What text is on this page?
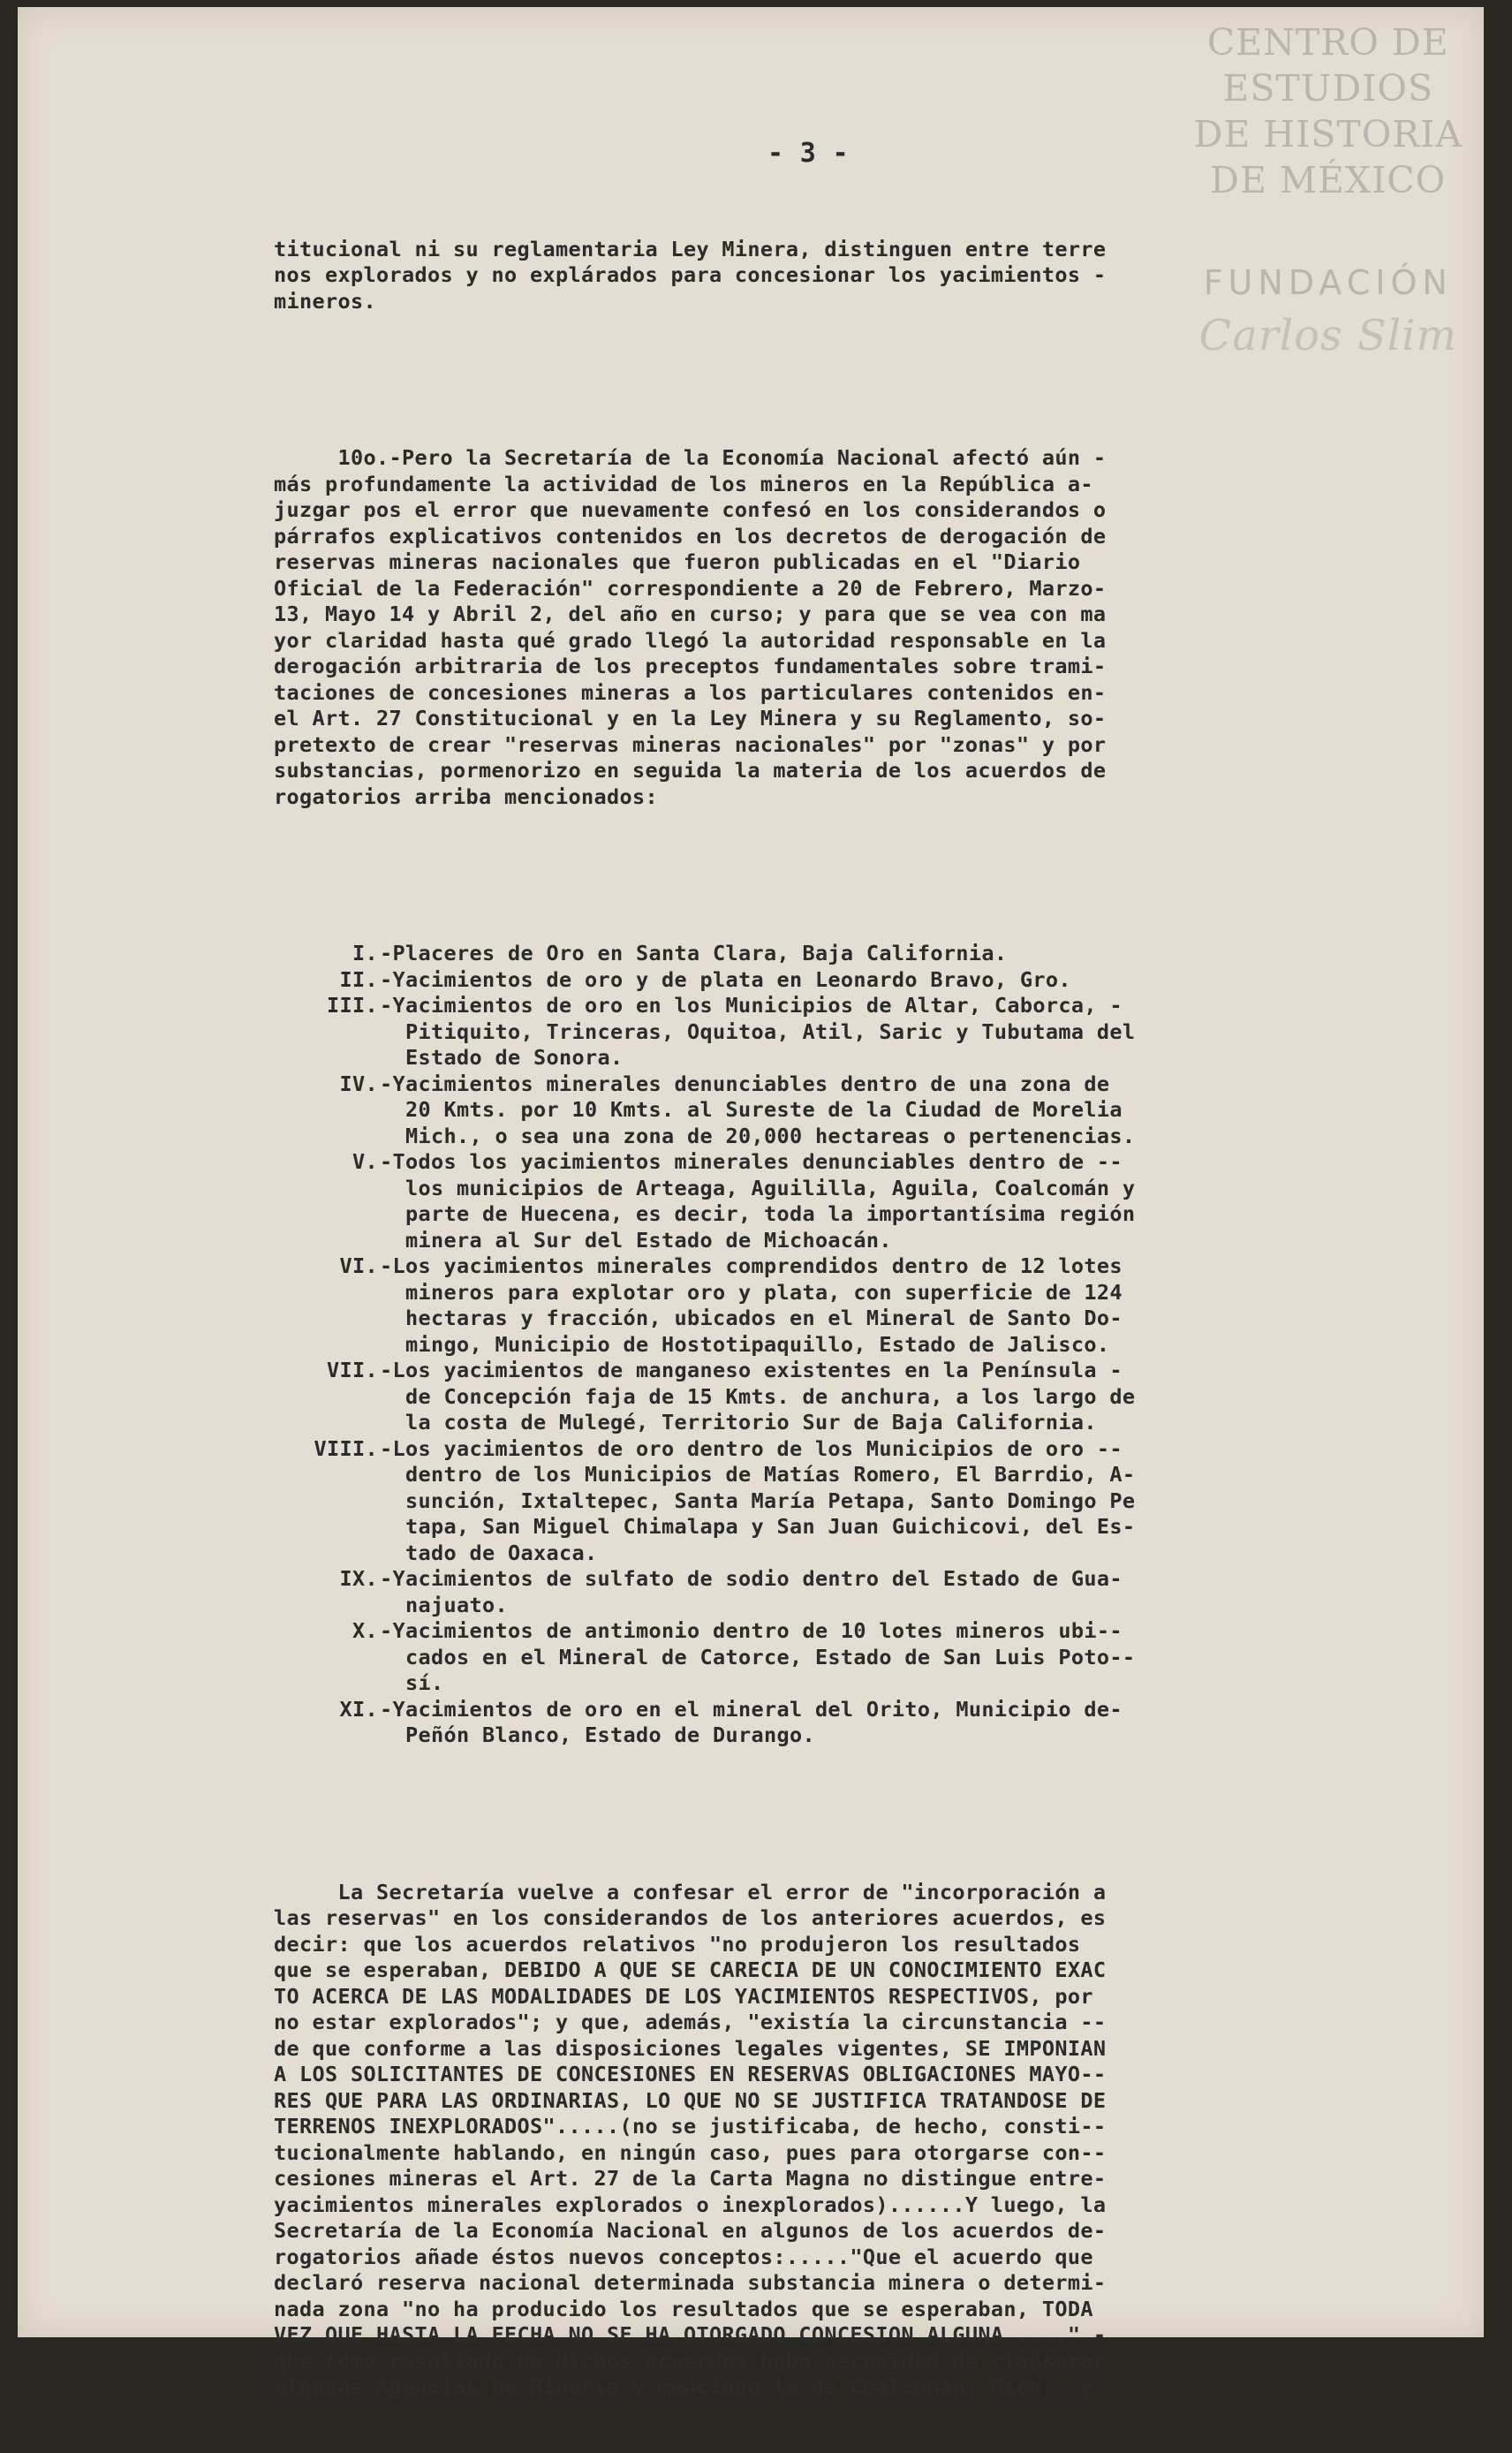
CENTRO DE
ESTUDIOS
DE HISTORIA
DE MÉXICO
FUNDACIÓN
Carlos Slim

- 3 -

titucional ni su reglamentaria Ley Minera, distinguen entre terre
nos explorados y no explárados para concesionar los yacimientos -
mineros.

10o.-Pero la Secretaría de la Economía Nacional afectó aún -
más profundamente la actividad de los mineros en la República a-
juzgar pos el error que nuevamente confesó en los considerandos o
párrafos explicativos contenidos en los decretos de derogación de
reservas mineras nacionales que fueron publicadas en el "Diario
Oficial de la Federación" correspondiente a 20 de Febrero, Marzo-
13, Mayo 14 y Abril 2, del año en curso; y para que se vea con ma
yor claridad hasta qué grado llegó la autoridad responsable en la
derogación arbitraria de los preceptos fundamentales sobre trami-
taciones de concesiones mineras a los particulares contenidos en-
el Art. 27 Constitucional y en la Ley Minera y su Reglamento, so-
pretexto de crear "reservas mineras nacionales" por "zonas" y por
substancias, pormenorizo en seguida la materia de los acuerdos de
rogatorios arriba mencionados:

I. -Placeres de Oro en Santa Clara, Baja California.
II. -Yacimientos de oro y de plata en Leonardo Bravo, Gro.
III. -Yacimientos de oro en los Municipios de Altar, Caborca, -
Pitiquito, Trinceras, Oquitoa, Atil, Saric y Tubutama del
Estado de Sonora.
IV. -Yacimientos minerales denunciables dentro de una zona de
20 Kmts. por 10 Kmts. al Sureste de la Ciudad de Morelia
Mich., o sea una zona de 20,000 hectareas o pertenencias.
V. -Todos los yacimientos minerales denunciables dentro de --
los municipios de Arteaga, Aguililla, Aguila, Coalcomán y
parte de Huecena, es decir, toda la importantísima región
minera al Sur del Estado de Michoacán.
VI. -Los yacimientos minerales comprendidos dentro de 12 lotes
mineros para explotar oro y plata, con superficie de 124
hectaras y fracción, ubicados en el Mineral de Santo Do-
mingo, Municipio de Hostotipaquillo, Estado de Jalisco.
VII. -Los yacimientos de manganeso existentes en la Península -
de Concepción faja de 15 Kmts. de anchura, a los largo de
la costa de Mulegé, Territorio Sur de Baja California.
VIII. -Los yacimientos de oro dentro de los Municipios de oro --
dentro de los Municipios de Matías Romero, El Barrdio, A-
sunción, Ixtaltepec, Santa María Petapa, Santo Domingo Pe
tapa, San Miguel Chimalapa y San Juan Guichicovi, del Es-
tado de Oaxaca.
IX. -Yacimientos de sulfato de sodio dentro del Estado de Gua-
najuato.
X. -Yacimientos de antimonio dentro de 10 lotes mineros ubi--
cados en el Mineral de Catorce, Estado de San Luis Poto--
sí.
XI. -Yacimientos de oro en el mineral del Orito, Municipio de-
Peñón Blanco, Estado de Durango.

La Secretaría vuelve a confesar el error de "incorporación a
las reservas" en los considerandos de los anteriores acuerdos, es
decir: que los acuerdos relativos "no produjeron los resultados
que se esperaban, DEBIDO A QUE SE CARECIA DE UN CONOCIMIENTO EXAC
TO ACERCA DE LAS MODALIDADES DE LOS YACIMIENTOS RESPECTIVOS, por
no estar explorados"; y que, además, "existía la circunstancia --
de que conforme a las disposiciones legales vigentes, SE IMPONIAN
A LOS SOLICITANTES DE CONCESIONES EN RESERVAS OBLIGACIONES MAYO--
RES QUE PARA LAS ORDINARIAS, LO QUE NO SE JUSTIFICA TRATANDOSE DE
TERRENOS INEXPLORADOS".....(no se justificaba, de hecho, consti--
tucionalmente hablando, en ningún caso, pues para otorgarse con--
cesiones mineras el Art. 27 de la Carta Magna no distingue entre-
yacimientos minerales explorados o inexplorados)......Y luego, la
Secretaría de la Economía Nacional en algunos de los acuerdos de-
rogatorios añade éstos nuevos conceptos:....."Que el acuerdo que
declaró reserva nacional determinada substancia minera o determi-
nada zona "no ha producido los resultados que se esperaban, TODA
VEZ QUE HASTA LA FECHA NO SE HA OTORGADO CONCESION ALGUNA....." -
que como resultado de dichos acuerdos hubo necesidad de clausurar
algunas Agencias de Minería y menciona la de Coalcomán, Mich., y
